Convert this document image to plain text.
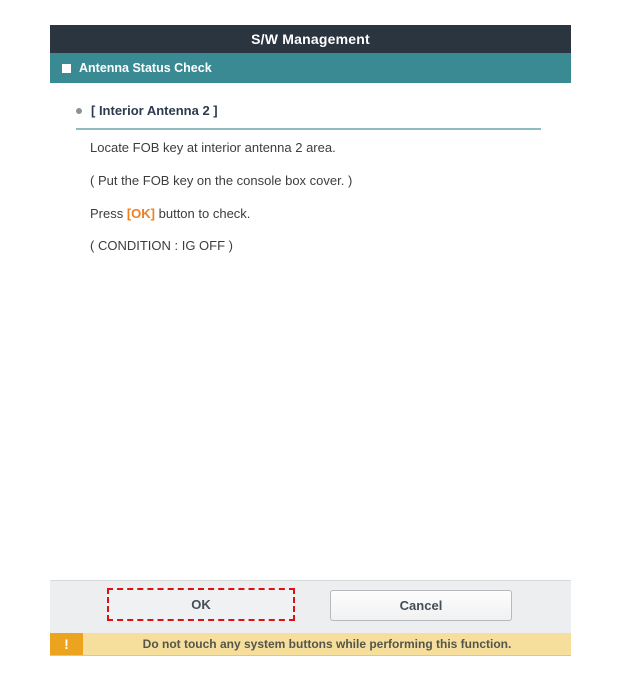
S/W Management
Antenna Status Check
[ Interior Antenna 2 ]

Locate FOB key at interior antenna 2 area.

( Put the FOB key on the console box cover. )

Press [OK] button to check.

( CONDITION : IG OFF )

OK	Cancel
!	Do not touch any system buttons while performing this function.
